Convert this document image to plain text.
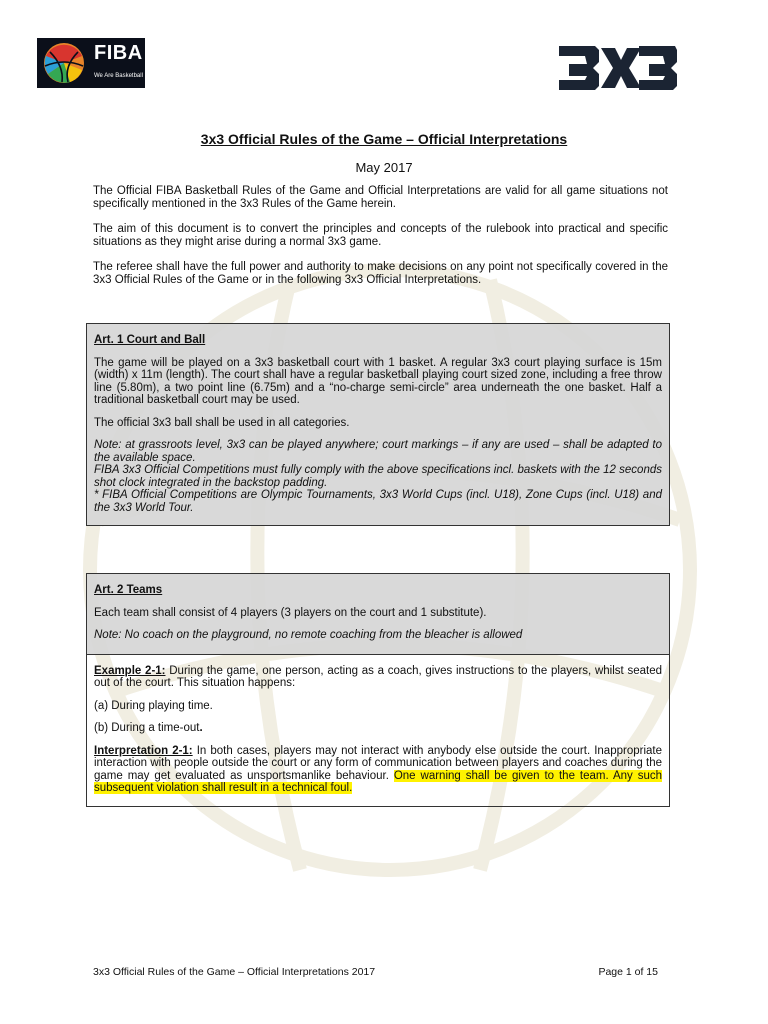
FIBA
We Are Basketball
3x3 Official Rules of the Game – Official Interpretations
May 2017

The Official FIBA Basketball Rules of the Game and Official Interpretations are valid for all game situations not specifically mentioned in the 3x3 Rules of the Game herein.

The aim of this document is to convert the principles and concepts of the rulebook into practical and specific situations as they might arise during a normal 3x3 game.

The referee shall have the full power and authority to make decisions on any point not specifically covered in the 3x3 Official Rules of the Game or in the following 3x3 Official Interpretations.

Art. 1 Court and Ball

The game will be played on a 3x3 basketball court with 1 basket. A regular 3x3 court playing surface is 15m (width) x 11m (length). The court shall have a regular basketball playing court sized zone, including a free throw line (5.80m), a two point line (6.75m) and a “no-charge semi-circle” area underneath the one basket. Half a traditional basketball court may be used.

The official 3x3 ball shall be used in all categories.

Note: at grassroots level, 3x3 can be played anywhere; court markings – if any are used – shall be adapted to the available space.

FIBA 3x3 Official Competitions must fully comply with the above specifications incl. baskets with the 12 seconds shot clock integrated in the backstop padding.

* FIBA Official Competitions are Olympic Tournaments, 3x3 World Cups (incl. U18), Zone Cups (incl. U18) and the 3x3 World Tour.

Art. 2 Teams

Each team shall consist of 4 players (3 players on the court and 1 substitute).

Note: No coach on the playground, no remote coaching from the bleacher is allowed

Example 2-1: During the game, one person, acting as a coach, gives instructions to the players, whilst seated out of the court. This situation happens:

(a) During playing time.

(b) During a time-out.

Interpretation 2-1: In both cases, players may not interact with anybody else outside the court. Inappropriate interaction with people outside the court or any form of communication between players and coaches during the game may get evaluated as unsportsmanlike behaviour. One warning shall be given to the team. Any such subsequent violation shall result in a technical foul.

3x3 Official Rules of the Game – Official Interpretations 2017	Page 1 of 15
